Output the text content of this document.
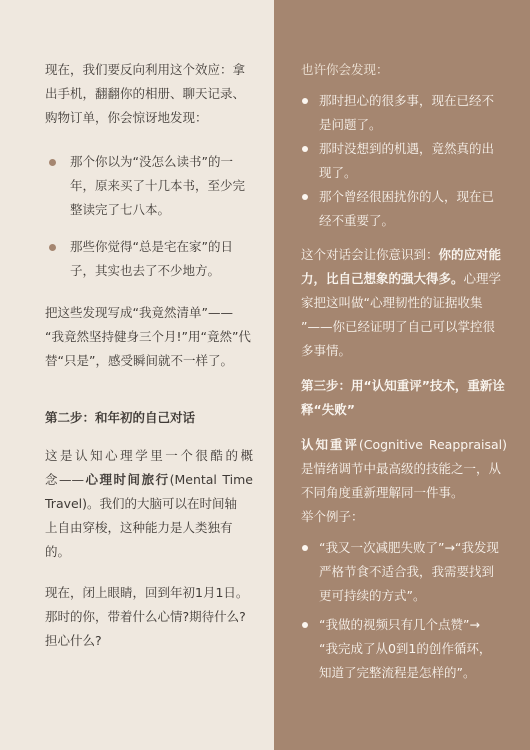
现在，我们要反向利用这个效应：拿

出手机，翻翻你的相册、聊天记录、

购物订单，你会惊讶地发现：

那个你以为“没怎么读书”的一

年，原来买了十几本书，至少完

整读完了七八本。

那些你觉得“总是宅在家”的日

子，其实也去了不少地方。

把这些发现写成“我竟然清单”——

“我竟然坚持健身三个月!”用“竟然”代

替“只是”，感受瞬间就不一样了。

第二步：和年初的自己对话

这是认知心理学里一个很酷的概

念——心理时间旅行(Mental Time

Travel)。我们的大脑可以在时间轴

上自由穿梭，这种能力是人类独有

的。

现在，闭上眼睛，回到年初1月1日。

那时的你，带着什么心情?期待什么?

担心什么?

也许你会发现：

那时担心的很多事，现在已经不

是问题了。

那时没想到的机遇，竟然真的出

现了。

那个曾经很困扰你的人，现在已

经不重要了。

这个对话会让你意识到：你的应对能

力，比自己想象的强大得多。心理学

家把这叫做“心理韧性的证据收集

”——你已经证明了自己可以掌控很

多事情。

第三步：用“认知重评”技术，重新诠

释“失败”

认知重评(Cognitive Reappraisal)

是情绪调节中最高级的技能之一，从

不同角度重新理解同一件事。

举个例子：

“我又一次减肥失败了”→“我发现

严格节食不适合我，我需要找到

更可持续的方式”。

“我做的视频只有几个点赞”→

“我完成了从0到1的创作循环，

知道了完整流程是怎样的”。
